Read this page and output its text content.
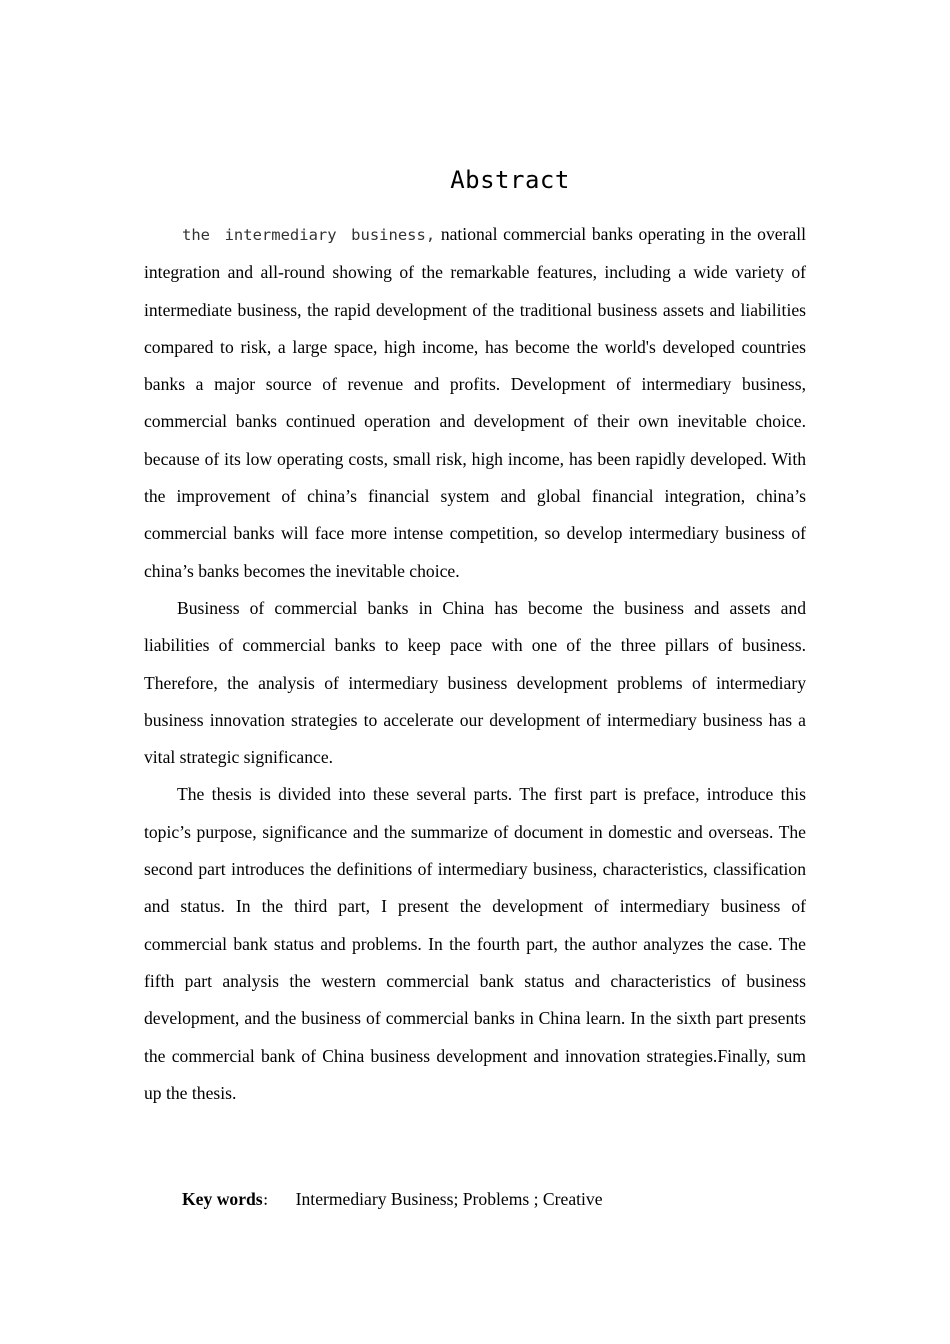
Abstract

the intermediary business, national commercial banks operating in the overall integration and all-round showing of the remarkable features, including a wide variety of intermediate business, the rapid development of the traditional business assets and liabilities compared to risk, a large space, high income, has become the world's developed countries banks a major source of revenue and profits. Development of intermediary business, commercial banks continued operation and development of their own inevitable choice. because of its low operating costs, small risk, high income, has been rapidly developed. With the improvement of china’s financial system and global financial integration, china’s commercial banks will face more intense competition, so develop intermediary business of china’s banks becomes the inevitable choice.

Business of commercial banks in China has become the business and assets and liabilities of commercial banks to keep pace with one of the three pillars of business. Therefore, the analysis of intermediary business development problems of intermediary business innovation strategies to accelerate our development of intermediary business has a vital strategic significance.

The thesis is divided into these several parts. The first part is preface, introduce this topic’s purpose, significance and the summarize of document in domestic and overseas. The second part introduces the definitions of intermediary business, characteristics, classification and status. In the third part, I present the development of intermediary business of commercial bank status and problems. In the fourth part, the author analyzes the case. The fifth part analysis the western commercial bank status and characteristics of business development, and the business of commercial banks in China learn. In the sixth part presents the commercial bank of China business development and innovation strategies.Finally, sum up the thesis.

Key words： Intermediary Business; Problems ; Creative
